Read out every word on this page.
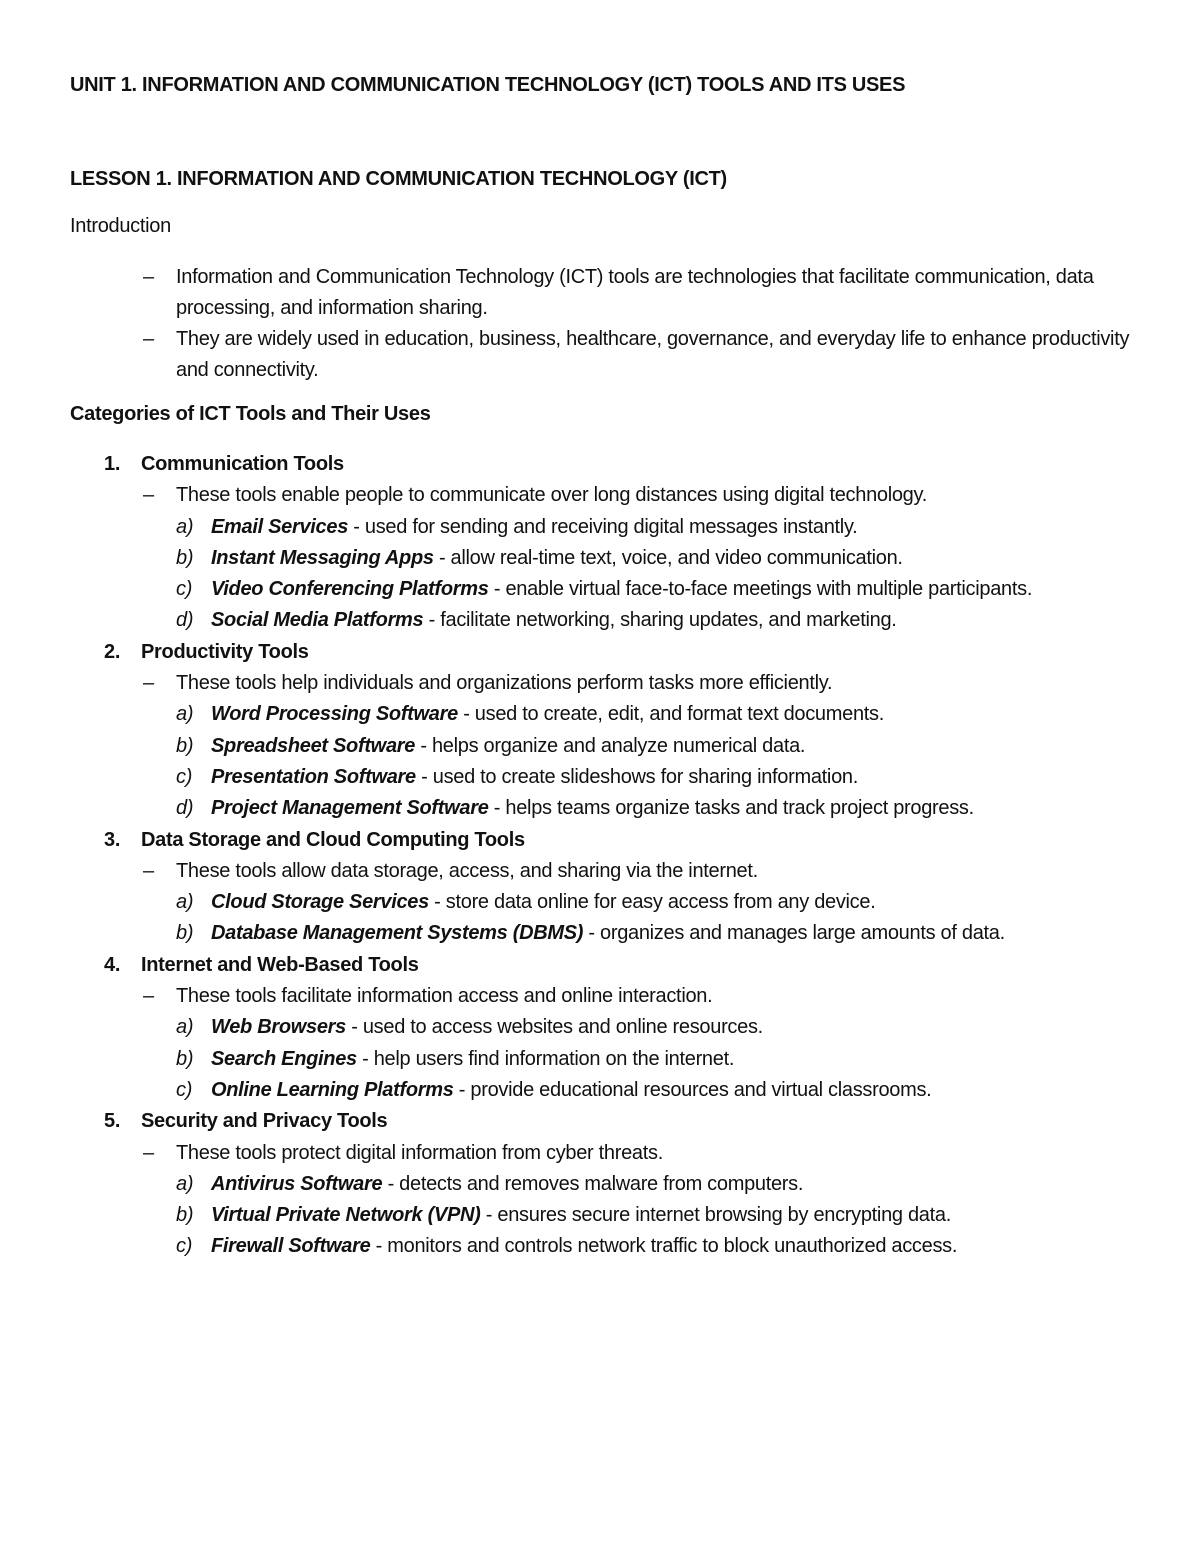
UNIT 1. INFORMATION AND COMMUNICATION TECHNOLOGY (ICT) TOOLS AND ITS USES
LESSON 1. INFORMATION AND COMMUNICATION TECHNOLOGY (ICT)
Introduction
– Information and Communication Technology (ICT) tools are technologies that facilitate communication, data processing, and information sharing.
– They are widely used in education, business, healthcare, governance, and everyday life to enhance productivity and connectivity.
Categories of ICT Tools and Their Uses
1. Communication Tools
– These tools enable people to communicate over long distances using digital technology.
a) Email Services - used for sending and receiving digital messages instantly.
b) Instant Messaging Apps - allow real-time text, voice, and video communication.
c) Video Conferencing Platforms - enable virtual face-to-face meetings with multiple participants.
d) Social Media Platforms - facilitate networking, sharing updates, and marketing.
2. Productivity Tools
– These tools help individuals and organizations perform tasks more efficiently.
a) Word Processing Software - used to create, edit, and format text documents.
b) Spreadsheet Software - helps organize and analyze numerical data.
c) Presentation Software - used to create slideshows for sharing information.
d) Project Management Software - helps teams organize tasks and track project progress.
3. Data Storage and Cloud Computing Tools
– These tools allow data storage, access, and sharing via the internet.
a) Cloud Storage Services - store data online for easy access from any device.
b) Database Management Systems (DBMS) - organizes and manages large amounts of data.
4. Internet and Web-Based Tools
– These tools facilitate information access and online interaction.
a) Web Browsers - used to access websites and online resources.
b) Search Engines - help users find information on the internet.
c) Online Learning Platforms - provide educational resources and virtual classrooms.
5. Security and Privacy Tools
– These tools protect digital information from cyber threats.
a) Antivirus Software - detects and removes malware from computers.
b) Virtual Private Network (VPN) - ensures secure internet browsing by encrypting data.
c) Firewall Software - monitors and controls network traffic to block unauthorized access.
